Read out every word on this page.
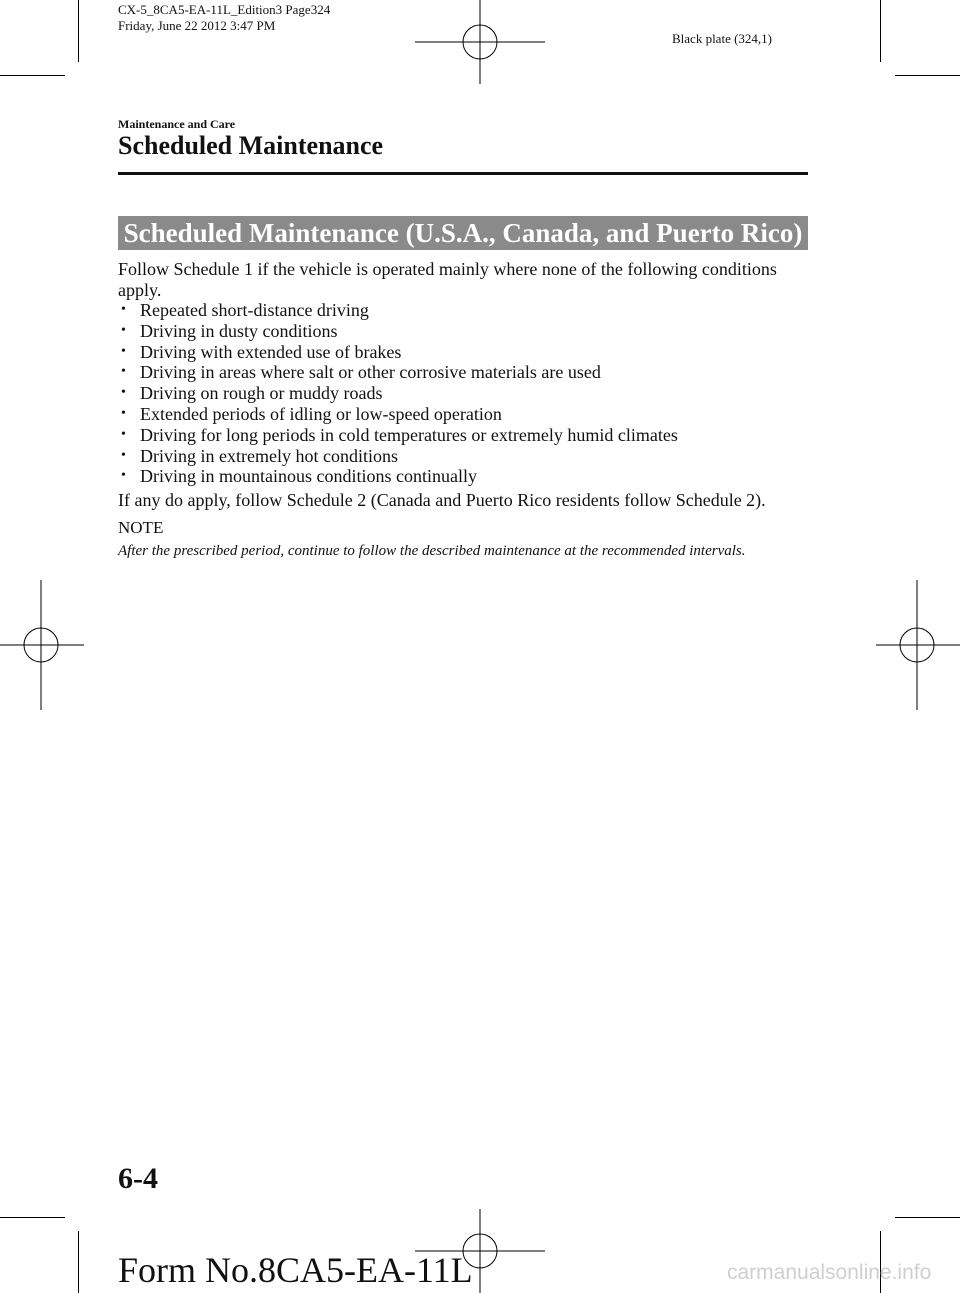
CX-5_8CA5-EA-11L_Edition3 Page324
Friday, June 22 2012 3:47 PM
Black plate (324,1)
Maintenance and Care
Scheduled Maintenance
Scheduled Maintenance (U.S.A., Canada, and Puerto Rico)
Follow Schedule 1 if the vehicle is operated mainly where none of the following conditions apply.
• Repeated short-distance driving
• Driving in dusty conditions
• Driving with extended use of brakes
• Driving in areas where salt or other corrosive materials are used
• Driving on rough or muddy roads
• Extended periods of idling or low-speed operation
• Driving for long periods in cold temperatures or extremely humid climates
• Driving in extremely hot conditions
• Driving in mountainous conditions continually
If any do apply, follow Schedule 2 (Canada and Puerto Rico residents follow Schedule 2).
NOTE
After the prescribed period, continue to follow the described maintenance at the recommended intervals.
6-4
Form No.8CA5-EA-11L	carmanualsonline.info
